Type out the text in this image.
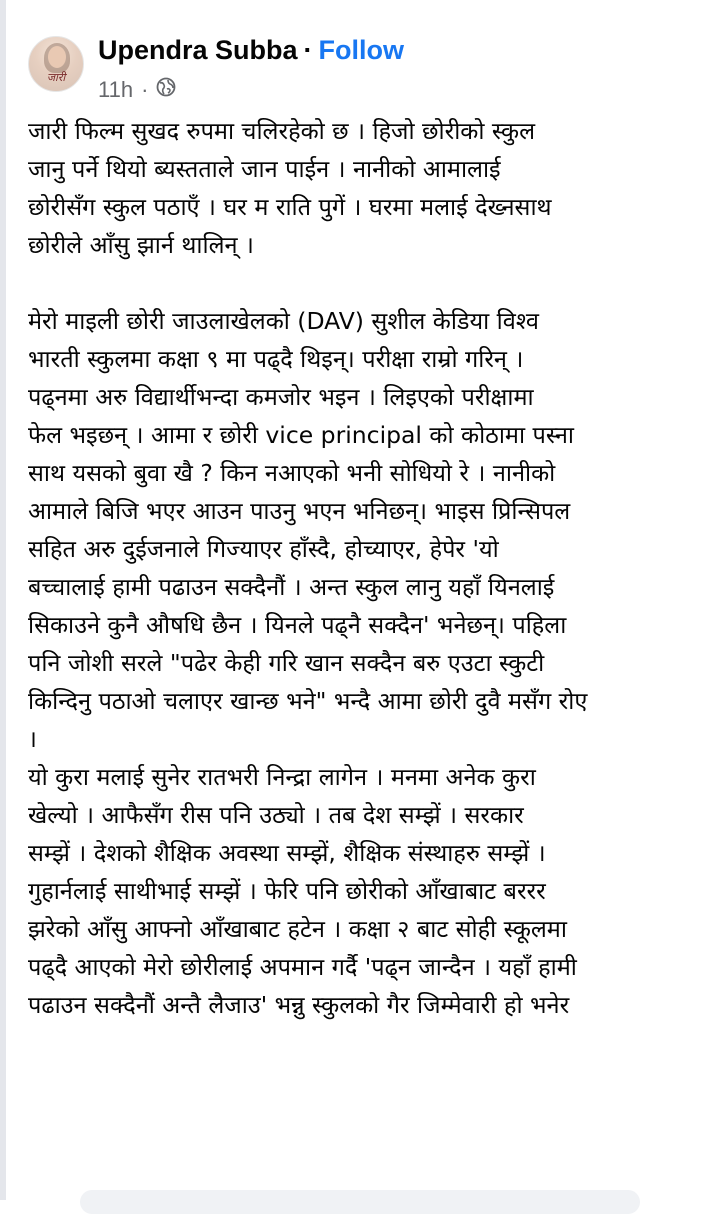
जारी
Upendra Subba · Follow
11h ·
जारी फिल्म सुखद रुपमा चलिरहेको छ । हिजो छोरीको स्कुल
जानु पर्ने थियो ब्यस्तताले जान पाईन । नानीको आमालाई
छोरीसँग स्कुल पठाएँ । घर म राति पुगें । घरमा मलाई देख्नसाथ
छोरीले आँसु झार्न थालिन् ।
मेरो माइली छोरी जाउलाखेलको (DAV) सुशील केडिया विश्व
भारती स्कुलमा कक्षा ९ मा पढ्दै थिइन्। परीक्षा राम्रो गरिन् ।
पढ्नमा अरु विद्यार्थीभन्दा कमजोर भइन । लिइएको परीक्षामा
फेल भइछन् । आमा र छोरी vice principal को कोठामा पस्ना
साथ यसको बुवा खै ? किन नआएको भनी सोधियो रे । नानीको
आमाले बिजि भएर आउन पाउनु भएन भनिछन्। भाइस प्रिन्सिपल
सहित अरु दुईजनाले गिज्याएर हाँस्दै, होच्याएर, हेपेर 'यो
बच्चालाई हामी पढाउन सक्दैनौं । अन्त स्कुल लानु यहाँ यिनलाई
सिकाउने कुनै औषधि छैन । यिनले पढ्नै सक्दैन' भनेछन्। पहिला
पनि जोशी सरले "पढेर केही गरि खान सक्दैन बरु एउटा स्कुटी
किन्दिनु पठाओ चलाएर खान्छ भने" भन्दै आमा छोरी दुवै मसँग रोए
।
यो कुरा मलाई सुनेर रातभरी निन्द्रा लागेन । मनमा अनेक कुरा
खेल्यो । आफैसँग रीस पनि उठ्यो । तब देश सम्झें । सरकार
सम्झें । देशको शैक्षिक अवस्था सम्झें, शैक्षिक संस्थाहरु सम्झें ।
गुहार्नलाई साथीभाई सम्झें । फेरि पनि छोरीको आँखाबाट बररर
झरेको आँसु आफ्नो आँखाबाट हटेन । कक्षा २ बाट सोही स्कूलमा
पढ्दै आएको मेरो छोरीलाई अपमान गर्दै 'पढ्न जान्दैन । यहाँ हामी
पढाउन सक्दैनौं अन्तै लैजाउ' भन्नु स्कुलको गैर जिम्मेवारी हो भनेर
